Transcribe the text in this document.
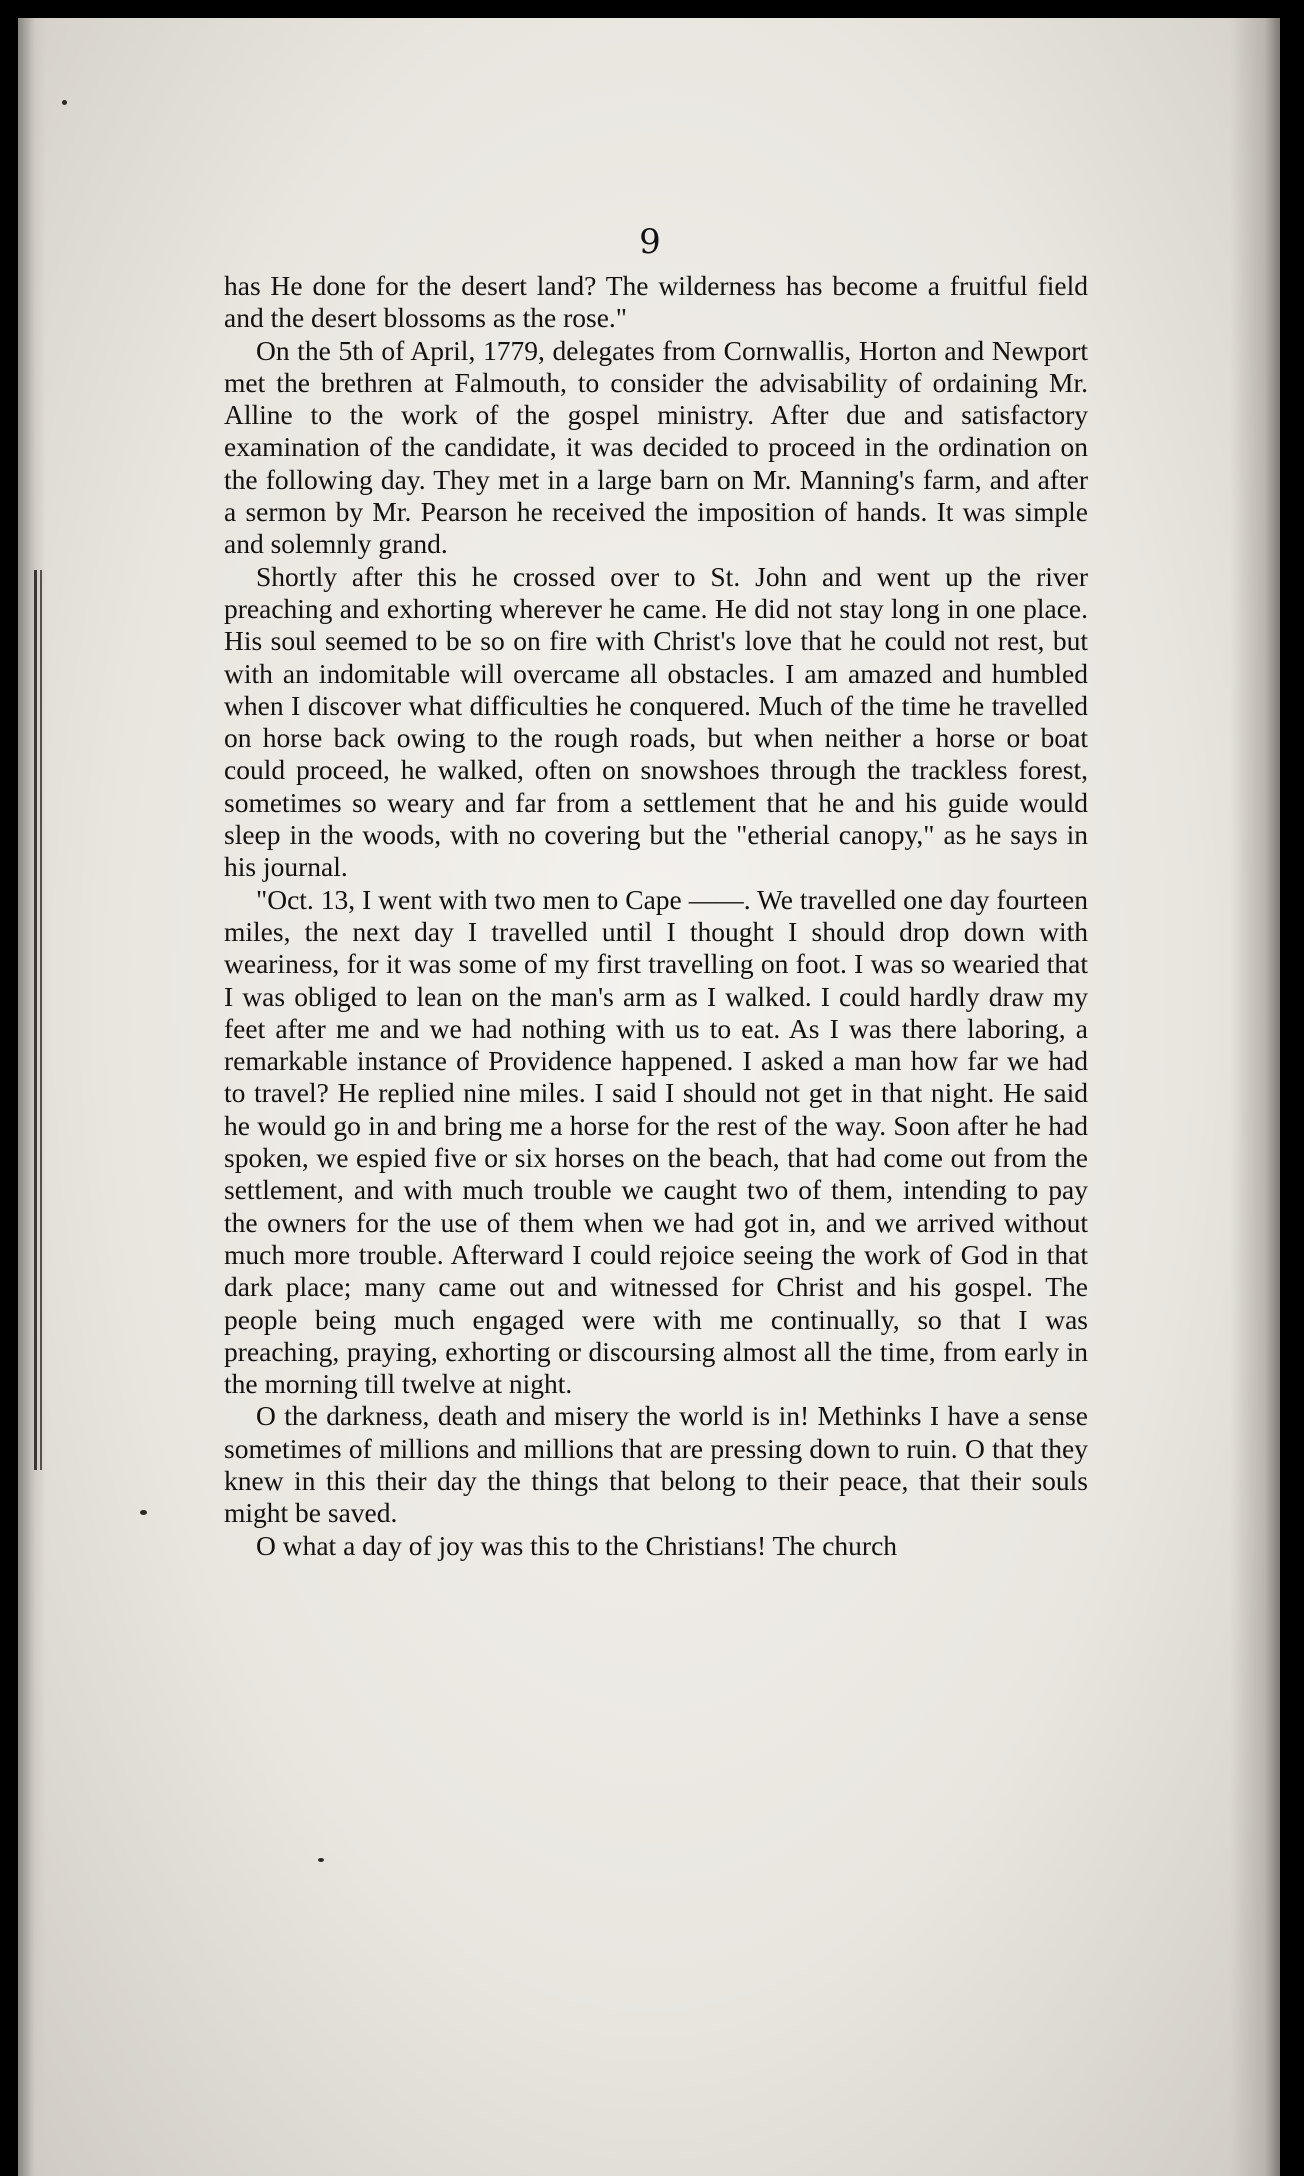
9

has He done for the desert land? The wilderness has become a fruitful field and the desert blossoms as the rose."

On the 5th of April, 1779, delegates from Cornwallis, Horton and Newport met the brethren at Falmouth, to consider the advisability of ordaining Mr. Alline to the work of the gospel ministry. After due and satisfactory examination of the candidate, it was decided to proceed in the ordination on the following day. They met in a large barn on Mr. Manning's farm, and after a sermon by Mr. Pearson he received the imposition of hands. It was simple and solemnly grand.

Shortly after this he crossed over to St. John and went up the river preaching and exhorting wherever he came. He did not stay long in one place. His soul seemed to be so on fire with Christ's love that he could not rest, but with an indomitable will overcame all obstacles. I am amazed and humbled when I discover what difficulties he conquered. Much of the time he travelled on horse back owing to the rough roads, but when neither a horse or boat could proceed, he walked, often on snowshoes through the trackless forest, sometimes so weary and far from a settlement that he and his guide would sleep in the woods, with no covering but the "etherial canopy," as he says in his journal.

"Oct. 13, I went with two men to Cape ——. We travelled one day fourteen miles, the next day I travelled until I thought I should drop down with weariness, for it was some of my first travelling on foot. I was so wearied that I was obliged to lean on the man's arm as I walked. I could hardly draw my feet after me and we had nothing with us to eat. As I was there laboring, a remarkable instance of Providence happened. I asked a man how far we had to travel? He replied nine miles. I said I should not get in that night. He said he would go in and bring me a horse for the rest of the way. Soon after he had spoken, we espied five or six horses on the beach, that had come out from the settlement, and with much trouble we caught two of them, intending to pay the owners for the use of them when we had got in, and we arrived without much more trouble. Afterward I could rejoice seeing the work of God in that dark place; many came out and witnessed for Christ and his gospel. The people being much engaged were with me continually, so that I was preaching, praying, exhorting or discoursing almost all the time, from early in the morning till twelve at night.

O the darkness, death and misery the world is in! Methinks I have a sense sometimes of millions and millions that are pressing down to ruin. O that they knew in this their day the things that belong to their peace, that their souls might be saved.

O what a day of joy was this to the Christians! The church
